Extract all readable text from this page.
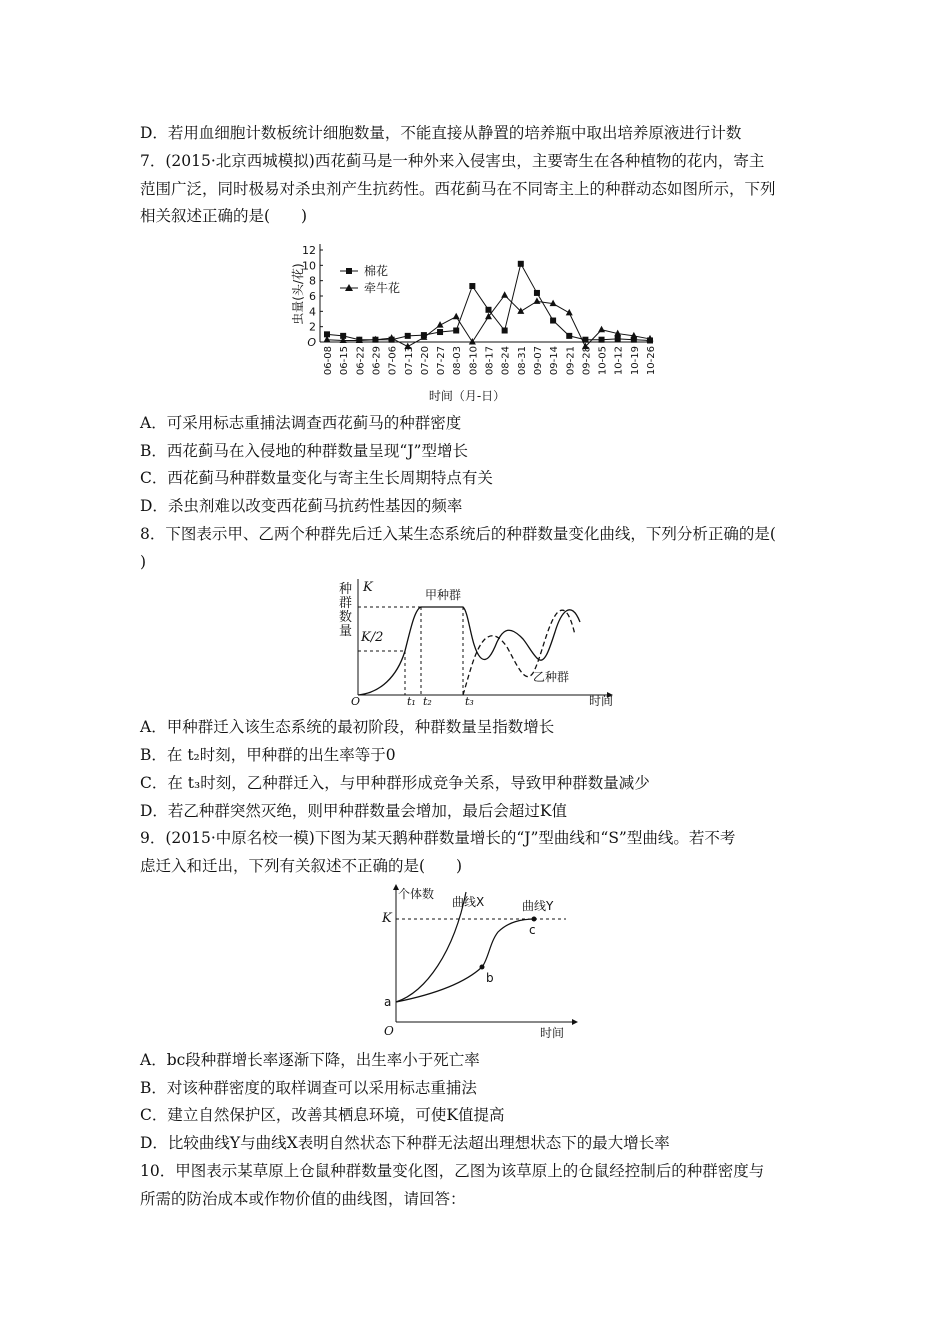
D．若用血细胞计数板统计细胞数量，不能直接从静置的培养瓶中取出培养原液进行计数
7．(2015·北京西城模拟)西花蓟马是一种外来入侵害虫，主要寄生在各种植物的花内，寄主
范围广泛，同时极易对杀虫剂产生抗药性。西花蓟马在不同寄主上的种群动态如图所示，下列
相关叙述正确的是(　　)
虫量(头/花)
12
10
8
6
4
2
O
06-08 06-15 06-22 06-29 07-06 07-13 07-20 07-27 08-03 08-10 08-17 08-24 08-31 09-07 09-14 09-21 09-28 10-05 10-12 10-19 10-26
棉花
牵牛花
时间（月-日）
A．可采用标志重捕法调查西花蓟马的种群密度
B．西花蓟马在入侵地的种群数量呈现“J”型增长
C．西花蓟马种群数量变化与寄主生长周期特点有关
D．杀虫剂难以改变西花蓟马抗药性基因的频率
8．下图表示甲、乙两个种群先后迁入某生态系统后的种群数量变化曲线，下列分析正确的是(
)
种
群
数
量
K
K/2
t₁ t₂	t₃
O	时间
甲种群
乙种群
A．甲种群迁入该生态系统的最初阶段，种群数量呈指数增长
B．在 t₂时刻，甲种群的出生率等于0
C．在 t₃时刻，乙种群迁入，与甲种群形成竞争关系，导致甲种群数量减少
D．若乙种群突然灭绝，则甲种群数量会增加，最后会超过K值
9．(2015·中原名校一模)下图为某天鹅种群数量增长的“J”型曲线和“S”型曲线。若不考
虑迁入和迁出，下列有关叙述不正确的是(　　)
个体数
K
a
b
c
曲线X	曲线Y
O	时间
A．bc段种群增长率逐渐下降，出生率小于死亡率
B．对该种群密度的取样调查可以采用标志重捕法
C．建立自然保护区，改善其栖息环境，可使K值提高
D．比较曲线Y与曲线X表明自然状态下种群无法超出理想状态下的最大增长率
10．甲图表示某草原上仓鼠种群数量变化图，乙图为该草原上的仓鼠经控制后的种群密度与
所需的防治成本或作物价值的曲线图，请回答：
